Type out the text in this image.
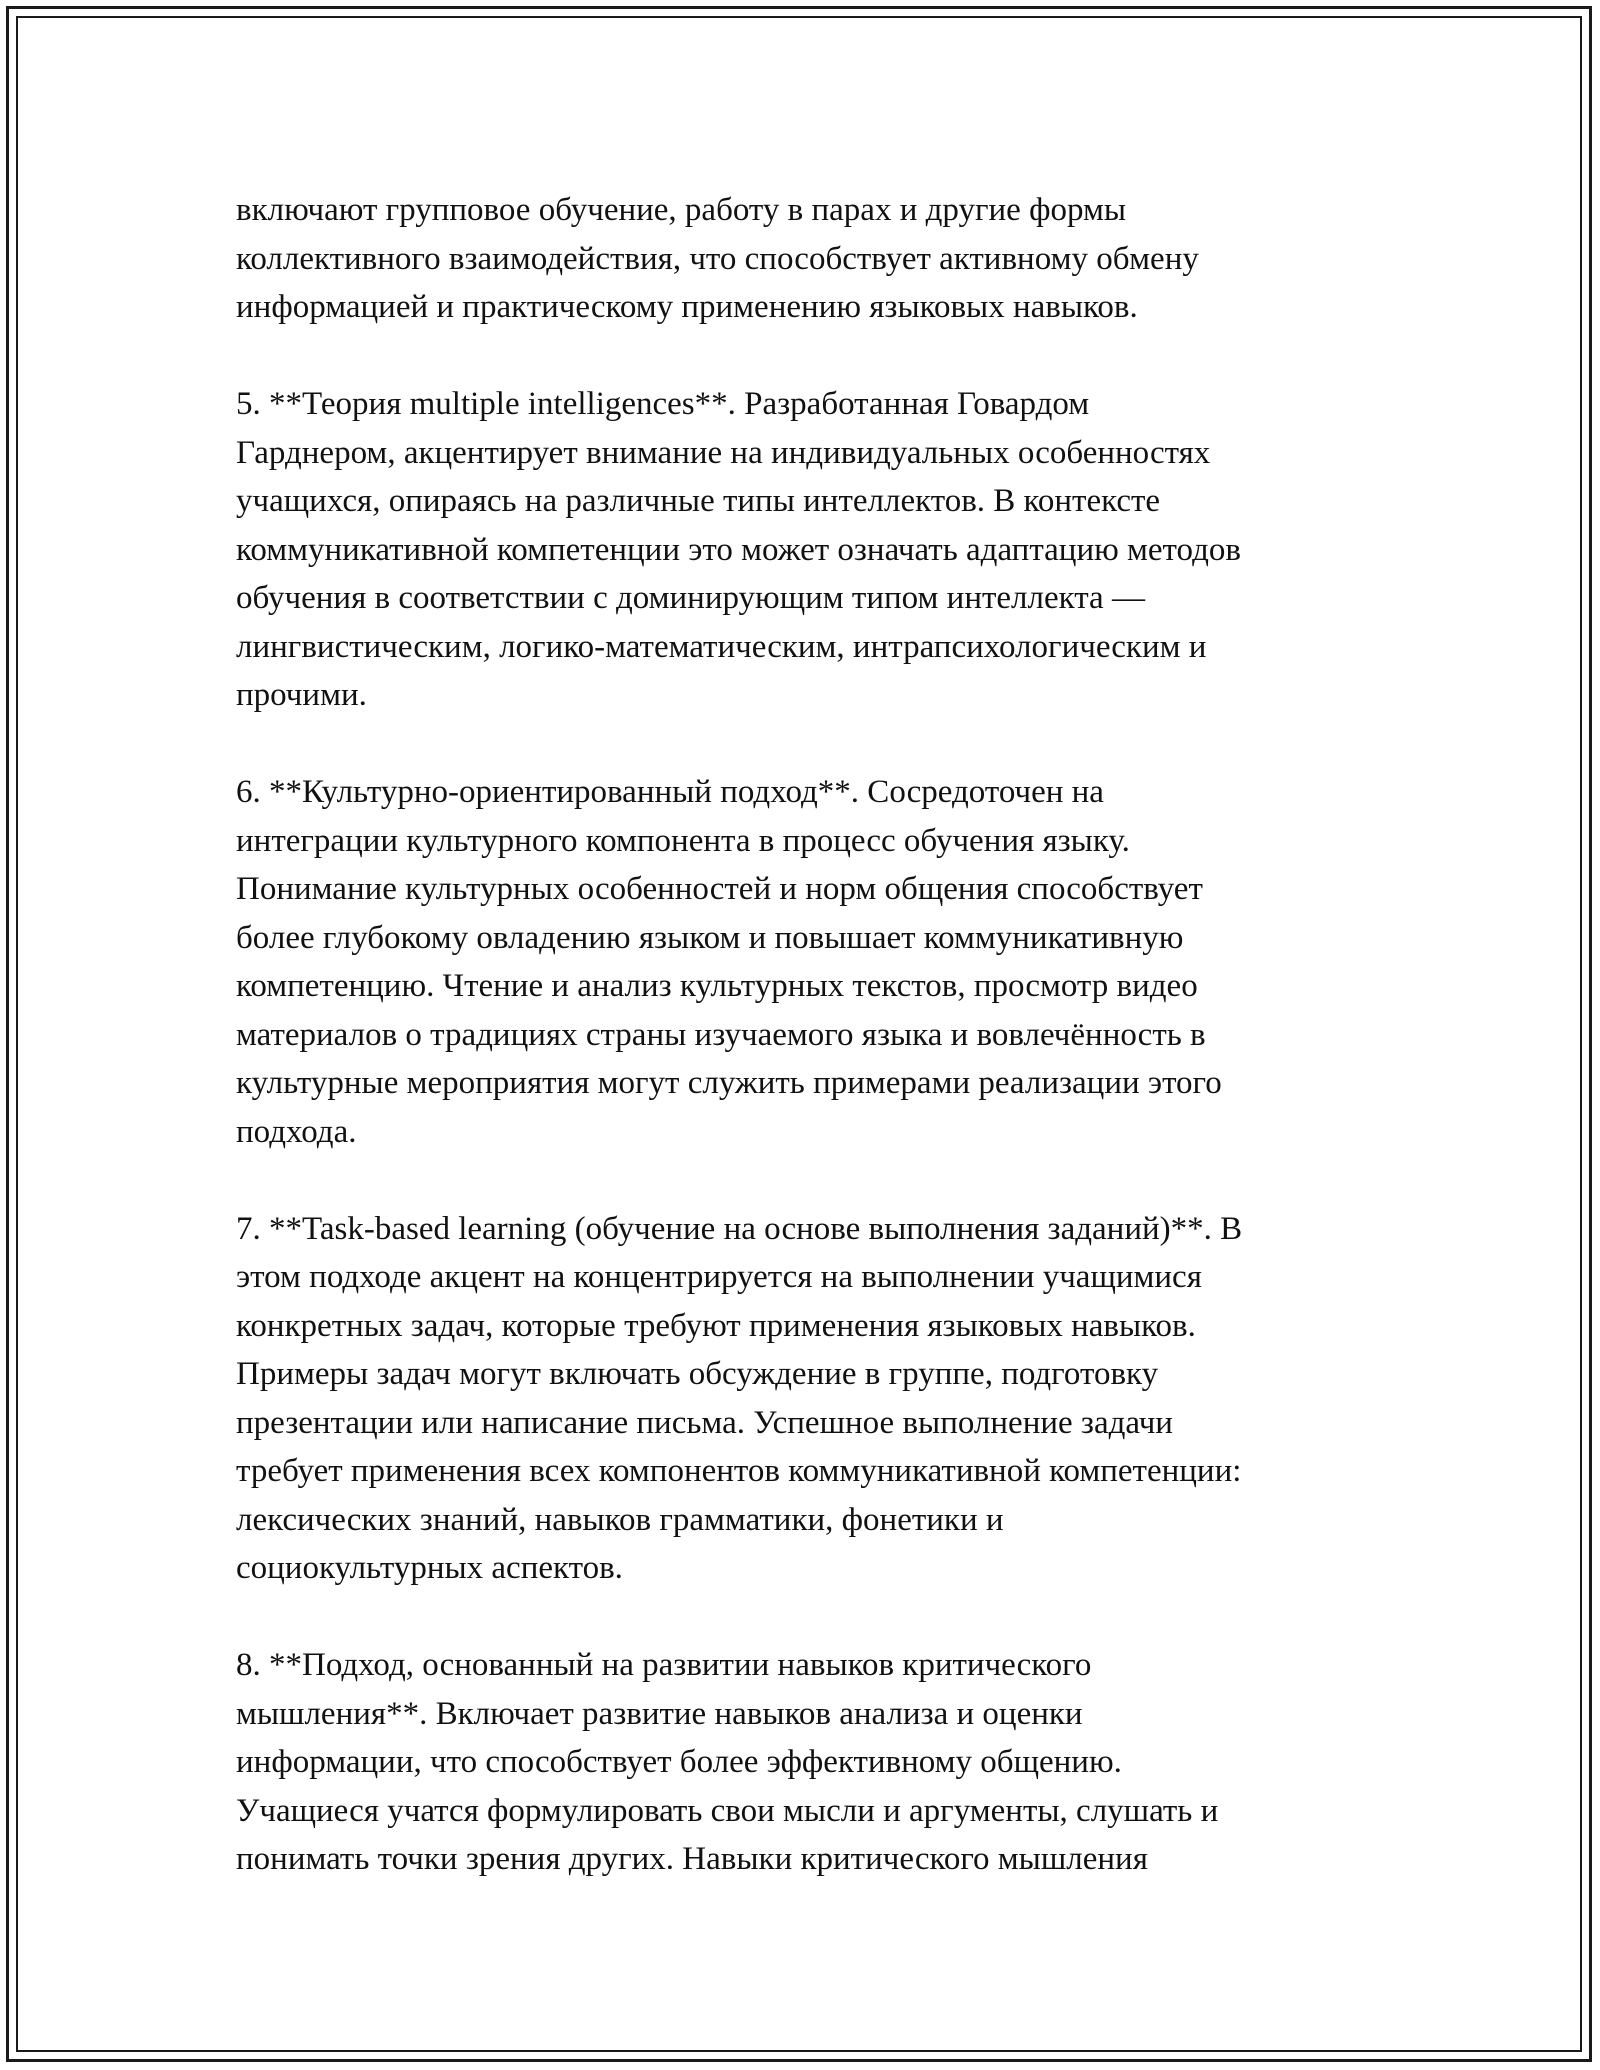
включают групповое обучение, работу в парах и другие формы
коллективного взаимодействия, что способствует активному обмену
информацией и практическому применению языковых навыков.

5. **Теория multiple intelligences**. Разработанная Говардом
Гарднером, акцентирует внимание на индивидуальных особенностях
учащихся, опираясь на различные типы интеллектов. В контексте
коммуникативной компетенции это может означать адаптацию методов
обучения в соответствии с доминирующим типом интеллекта —
лингвистическим, логико-математическим, интрапсихологическим и
прочими.

6. **Культурно-ориентированный подход**. Сосредоточен на
интеграции культурного компонента в процесс обучения языку.
Понимание культурных особенностей и норм общения способствует
более глубокому овладению языком и повышает коммуникативную
компетенцию. Чтение и анализ культурных текстов, просмотр видео
материалов о традициях страны изучаемого языка и вовлечённость в
культурные мероприятия могут служить примерами реализации этого
подхода.

7. **Task-based learning (обучение на основе выполнения заданий)**. В
этом подходе акцент на концентрируется на выполнении учащимися
конкретных задач, которые требуют применения языковых навыков.
Примеры задач могут включать обсуждение в группе, подготовку
презентации или написание письма. Успешное выполнение задачи
требует применения всех компонентов коммуникативной компетенции:
лексических знаний, навыков грамматики, фонетики и
социокультурных аспектов.

8. **Подход, основанный на развитии навыков критического
мышления**. Включает развитие навыков анализа и оценки
информации, что способствует более эффективному общению.
Учащиеся учатся формулировать свои мысли и аргументы, слушать и
понимать точки зрения других. Навыки критического мышления
